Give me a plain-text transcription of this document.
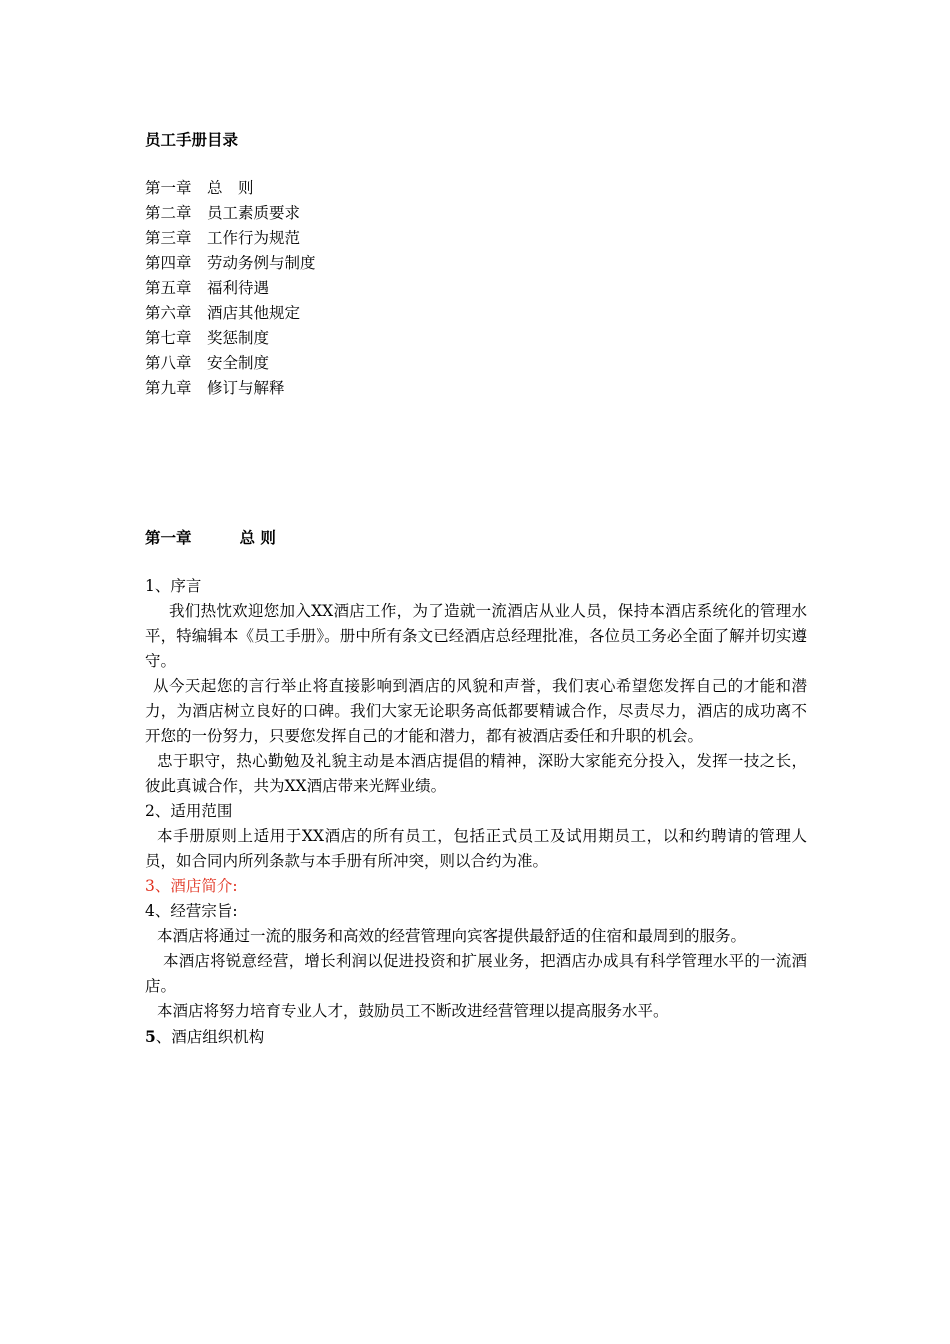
员工手册目录
第一章 总　则
第二章 员工素质要求
第三章 工作行为规范
第四章 劳动务例与制度
第五章 福利待遇
第六章 酒店其他规定
第七章 奖惩制度
第八章 安全制度
第九章 修订与解释
第一章	总 则

1、序言

我们热忱欢迎您加入XX酒店工作，为了造就一流酒店从业人员，保持本酒店系统化的管理水平，特编辑本《员工手册》。册中所有条文已经酒店总经理批准，各位员工务必全面了解并切实遵守。

从今天起您的言行举止将直接影响到酒店的风貌和声誉，我们衷心希望您发挥自己的才能和潜力，为酒店树立良好的口碑。我们大家无论职务高低都要精诚合作，尽责尽力，酒店的成功离不开您的一份努力，只要您发挥自己的才能和潜力，都有被酒店委任和升职的机会。

忠于职守，热心勤勉及礼貌主动是本酒店提倡的精神，深盼大家能充分投入，发挥一技之长，彼此真诚合作，共为XX酒店带来光辉业绩。

2、适用范围

本手册原则上适用于XX酒店的所有员工，包括正式员工及试用期员工，以和约聘请的管理人员，如合同内所列条款与本手册有所冲突，则以合约为准。

3、酒店简介:

4、经营宗旨:

本酒店将通过一流的服务和高效的经营管理向宾客提供最舒适的住宿和最周到的服务。

本酒店将锐意经营，增长利润以促进投资和扩展业务，把酒店办成具有科学管理水平的一流酒店。

本酒店将努力培育专业人才，鼓励员工不断改进经营管理以提高服务水平。

5、酒店组织机构
